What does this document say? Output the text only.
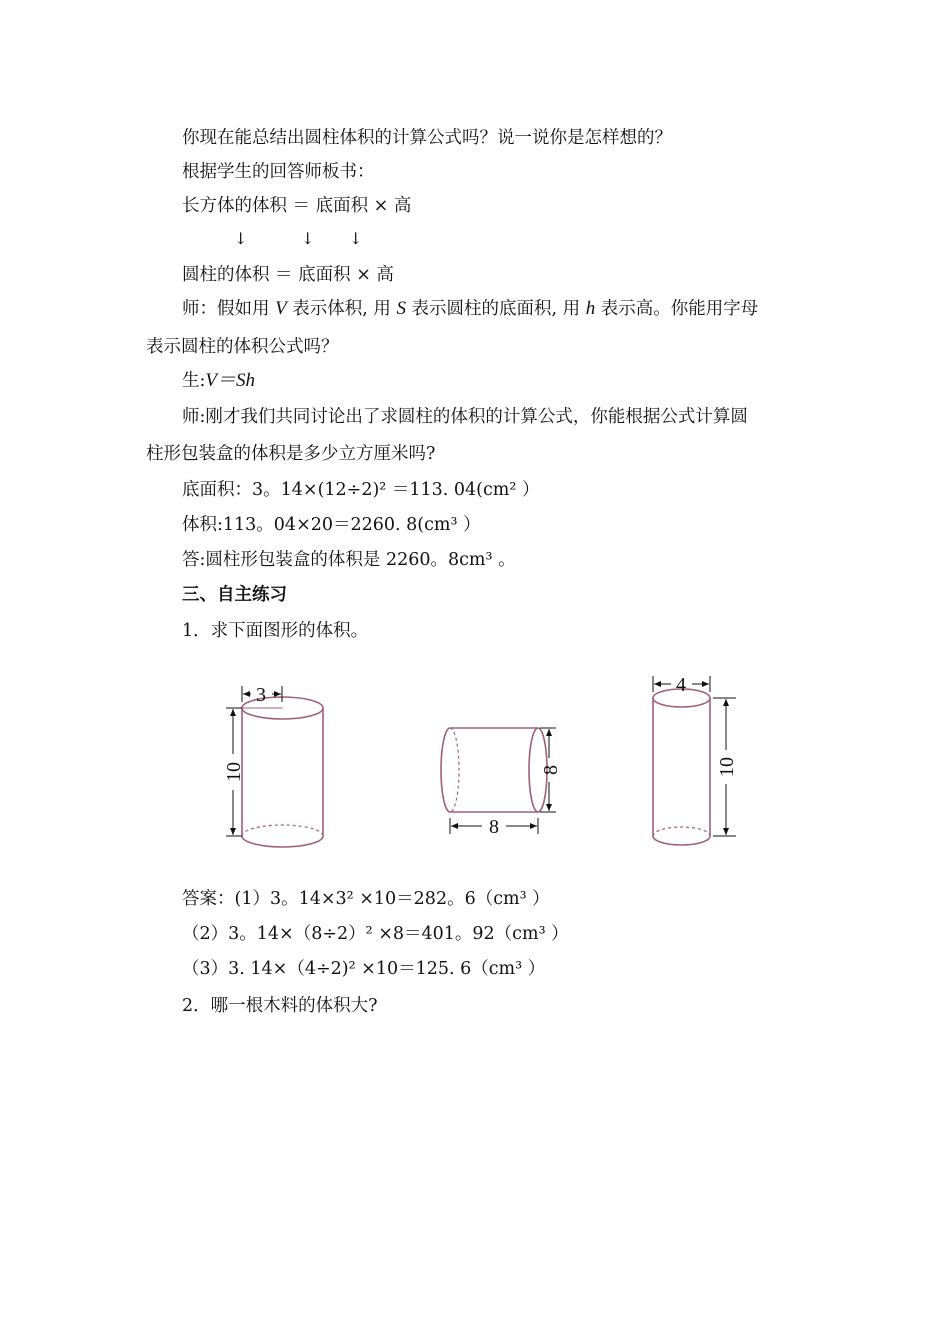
你现在能总结出圆柱体积的计算公式吗？说一说你是怎样想的？
根据学生的回答师板书：
长方体的体积 ＝ 底面积 × 高
↓	↓ ↓
圆柱的体积 ＝ 底面积 × 高
师：假如用 V 表示体积, 用 S 表示圆柱的底面积, 用 h 表示高。你能用字母
表示圆柱的体积公式吗？
生:V＝Sh
师:刚才我们共同讨论出了求圆柱的体积的计算公式，你能根据公式计算圆
柱形包装盒的体积是多少立方厘米吗?
底面积：3。14×(12÷2)² ＝113. 04(cm² ）
体积:113。04×20＝2260. 8(cm³ ）
答:圆柱形包装盒的体积是 2260。8cm³ 。
三、自主练习
1．求下面图形的体积。
3
10	8
8
4
10
答案：(1）3。14×3² ×10＝282。6（cm³ ）
（2）3。14×（8÷2）² ×8＝401。92（cm³ ）
（3）3. 14×（4÷2)² ×10＝125. 6（cm³ ）
2．哪一根木料的体积大?
